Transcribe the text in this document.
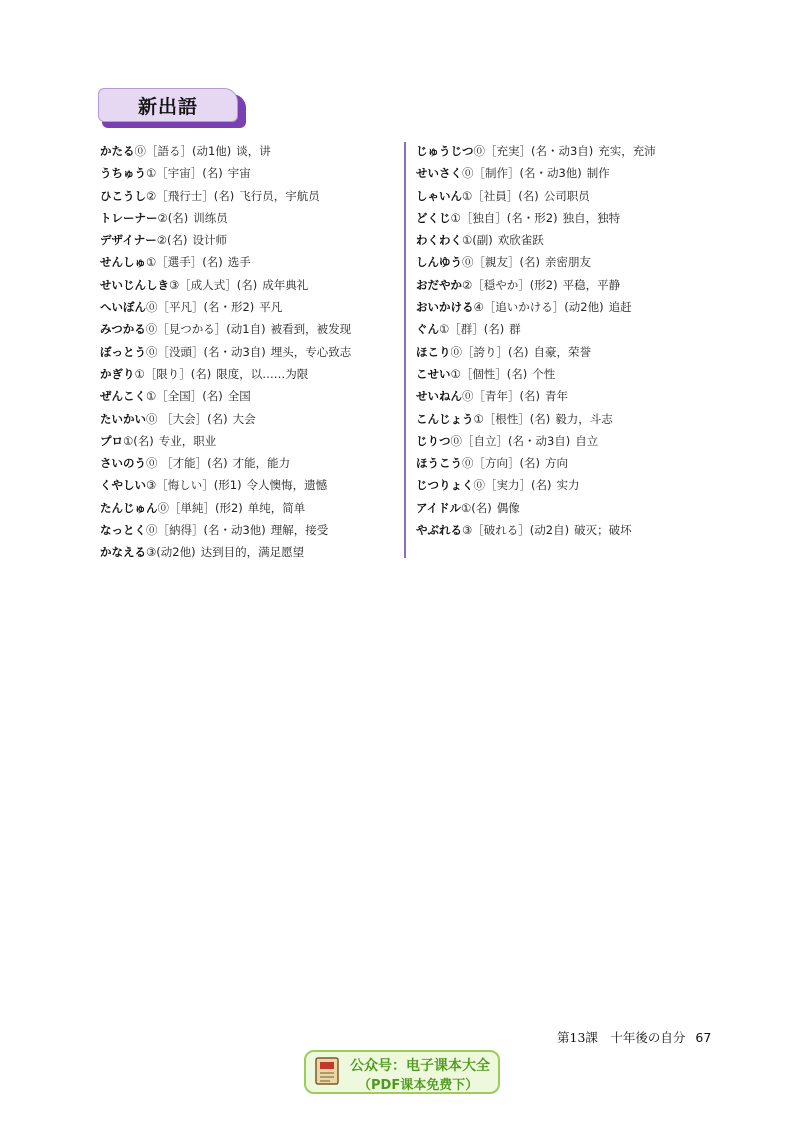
新出語
かたる⓪［語る］(动1他) 谈，讲
うちゅう①［宇宙］(名) 宇宙
ひこうし②［飛行士］(名) 飞行员，宇航员
トレーナー②(名) 训练员
デザイナー②(名) 设计师
せんしゅ①［選手］(名) 选手
せいじんしき③［成人式］(名) 成年典礼
へいぼん⓪［平凡］(名・形2) 平凡
みつかる⓪［見つかる］(动1自) 被看到，被发现
ぼっとう⓪［没頭］(名・动3自) 埋头，专心致志
かぎり①［限り］(名) 限度，以……为限
ぜんこく①［全国］(名) 全国
たいかい⓪ ［大会］(名) 大会
プロ①(名) 专业，职业
さいのう⓪ ［才能］(名) 才能，能力
くやしい③［悔しい］(形1) 令人懊悔，遗憾
たんじゅん⓪［単純］(形2) 单纯，简单
なっとく⓪［納得］(名・动3他) 理解，接受
かなえる③(动2他) 达到目的，满足愿望
じゅうじつ⓪［充実］(名・动3自) 充实，充沛
せいさく⓪［制作］(名・动3他) 制作
しゃいん①［社員］(名) 公司职员
どくじ①［独自］(名・形2) 独自，独特
わくわく①(副) 欢欣雀跃
しんゆう⓪［親友］(名) 亲密朋友
おだやか②［穏やか］(形2) 平稳，平静
おいかける④［追いかける］(动2他) 追赶
ぐん①［群］(名) 群
ほこり⓪［誇り］(名) 自豪，荣誉
こせい①［個性］(名) 个性
せいねん⓪［青年］(名) 青年
こんじょう①［根性］(名) 毅力，斗志
じりつ⓪［自立］(名・动3自) 自立
ほうこう⓪［方向］(名) 方向
じつりょく⓪［実力］(名) 实力
アイドル①(名) 偶像
やぶれる③［破れる］(动2自) 破灭；破坏
第13課　十年後の自分 67
公众号：电子课本大全
（PDF课本免费下）
